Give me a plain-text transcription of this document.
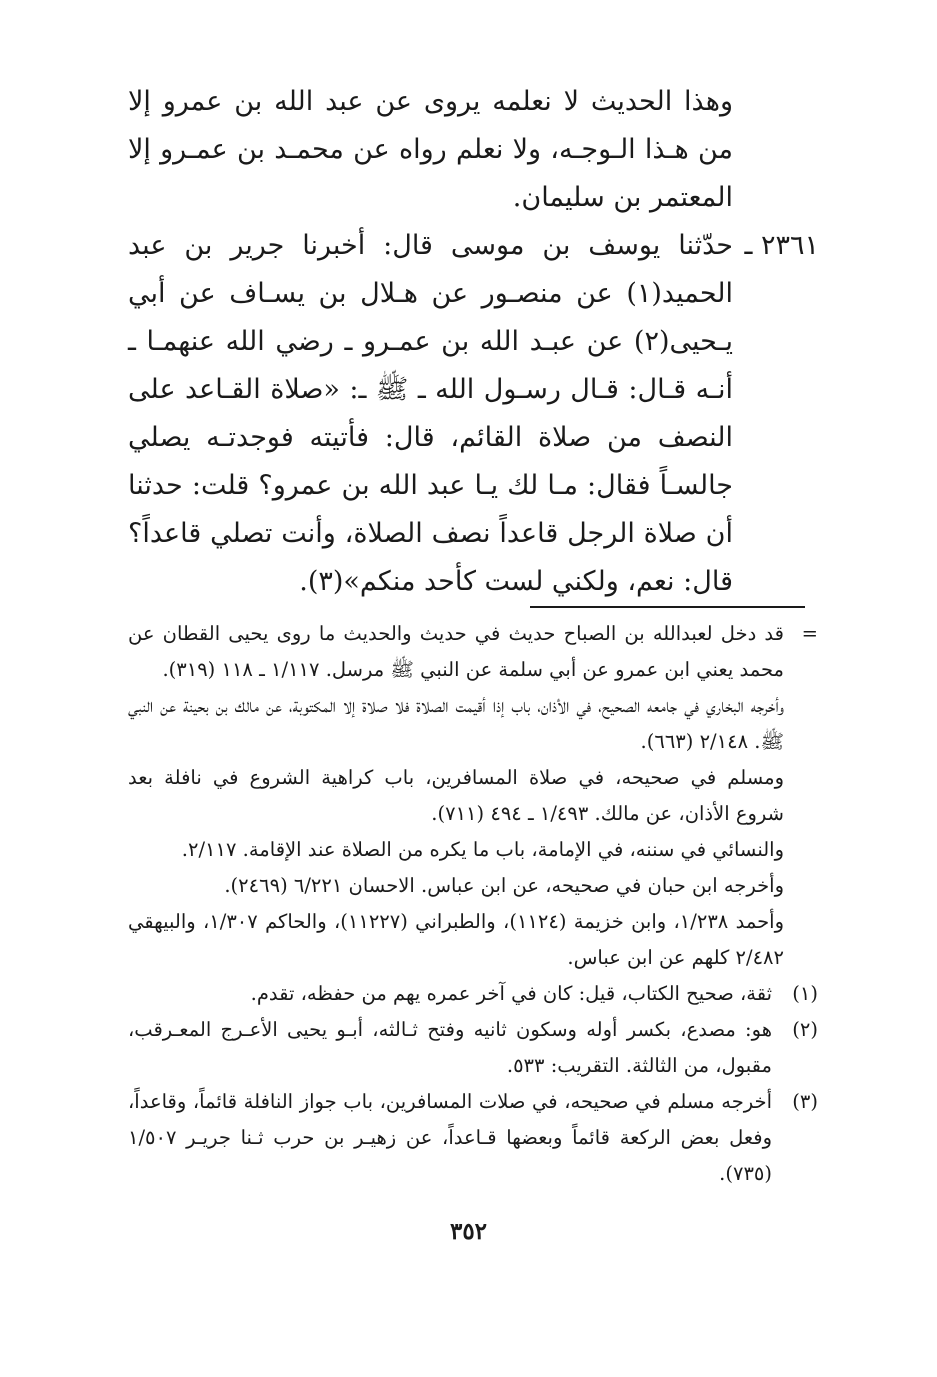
وهذا الحديث لا نعلمه يروى عن عبد الله بن عمرو إلا من هـذا الـوجـه، ولا نعلم رواه عن محمـد بن عمـرو إلا المعتمر بن سليمان.

٢٣٦١ ـ

حدّثنا يوسف بن موسى قال: أخبرنا جرير بن عبد الحميد(١) عن منصـور عن هـلال بن يسـاف عن أبي يـحيى(٢) عن عبـد الله بن عمـرو ـ رضي الله عنهمـا ـ أنـه قـال: قـال رسـول الله ـ ﷺ ـ: «صلاة القـاعد على النصف من صلاة القائم، قال: فأتيته فوجدتـه يصلي جالسـاً فقال: مـا لك يـا عبد الله بن عمرو؟ قلت: حدثنا أن صلاة الرجل قاعداً نصف الصلاة، وأنت تصلي قاعداً؟ قال: نعم، ولكني لست كأحد منكم»(٣).

=

قد دخل لعبدالله بن الصباح حديث في حديث والحديث ما روى يحيى القطان عن محمد يعني ابن عمرو عن أبي سلمة عن النبي ﷺ مرسل. ١/١١٧ ـ ١١٨ (٣١٩).

وأخرجه البخاري في جامعه الصحيح، في الأذان، باب إذا أقيمت الصلاة فلا صلاة إلا المكتوبة، عن مالك بن بحينة عن النبي ﷺ. ٢/١٤٨ (٦٦٣).

ومسلم في صحيحه، في صلاة المسافرين، باب كراهية الشروع في نافلة بعد شروع الأذان، عن مالك. ١/٤٩٣ ـ ٤٩٤ (٧١١).

والنسائي في سننه، في الإمامة، باب ما يكره من الصلاة عند الإقامة. ٢/١١٧.

وأخرجه ابن حبان في صحيحه، عن ابن عباس. الاحسان ٦/٢٢١ (٢٤٦٩).

وأحمد ١/٢٣٨، وابن خزيمة (١١٢٤)، والطبراني (١١٢٢٧)، والحاكم ١/٣٠٧، والبيهقي ٢/٤٨٢ كلهم عن ابن عباس.

(١)

ثقة، صحيح الكتاب، قيل: كان في آخر عمره يهم من حفظه، تقدم.

(٢)

هو: مصدع، بكسر أوله وسكون ثانيه وفتح ثـالثه، أبـو يحيى الأعـرج المعـرقب، مقبول، من الثالثة. التقريب: ٥٣٣.

(٣)

أخرجه مسلم في صحيحه، في صلات المسافرين، باب جواز النافلة قائماً، وقاعداً، وفعل بعض الركعة قائماً وبعضها قـاعداً، عن زهيـر بن حرب ثـنا جريـر ١/٥٠٧ (٧٣٥).

٣٥٢
